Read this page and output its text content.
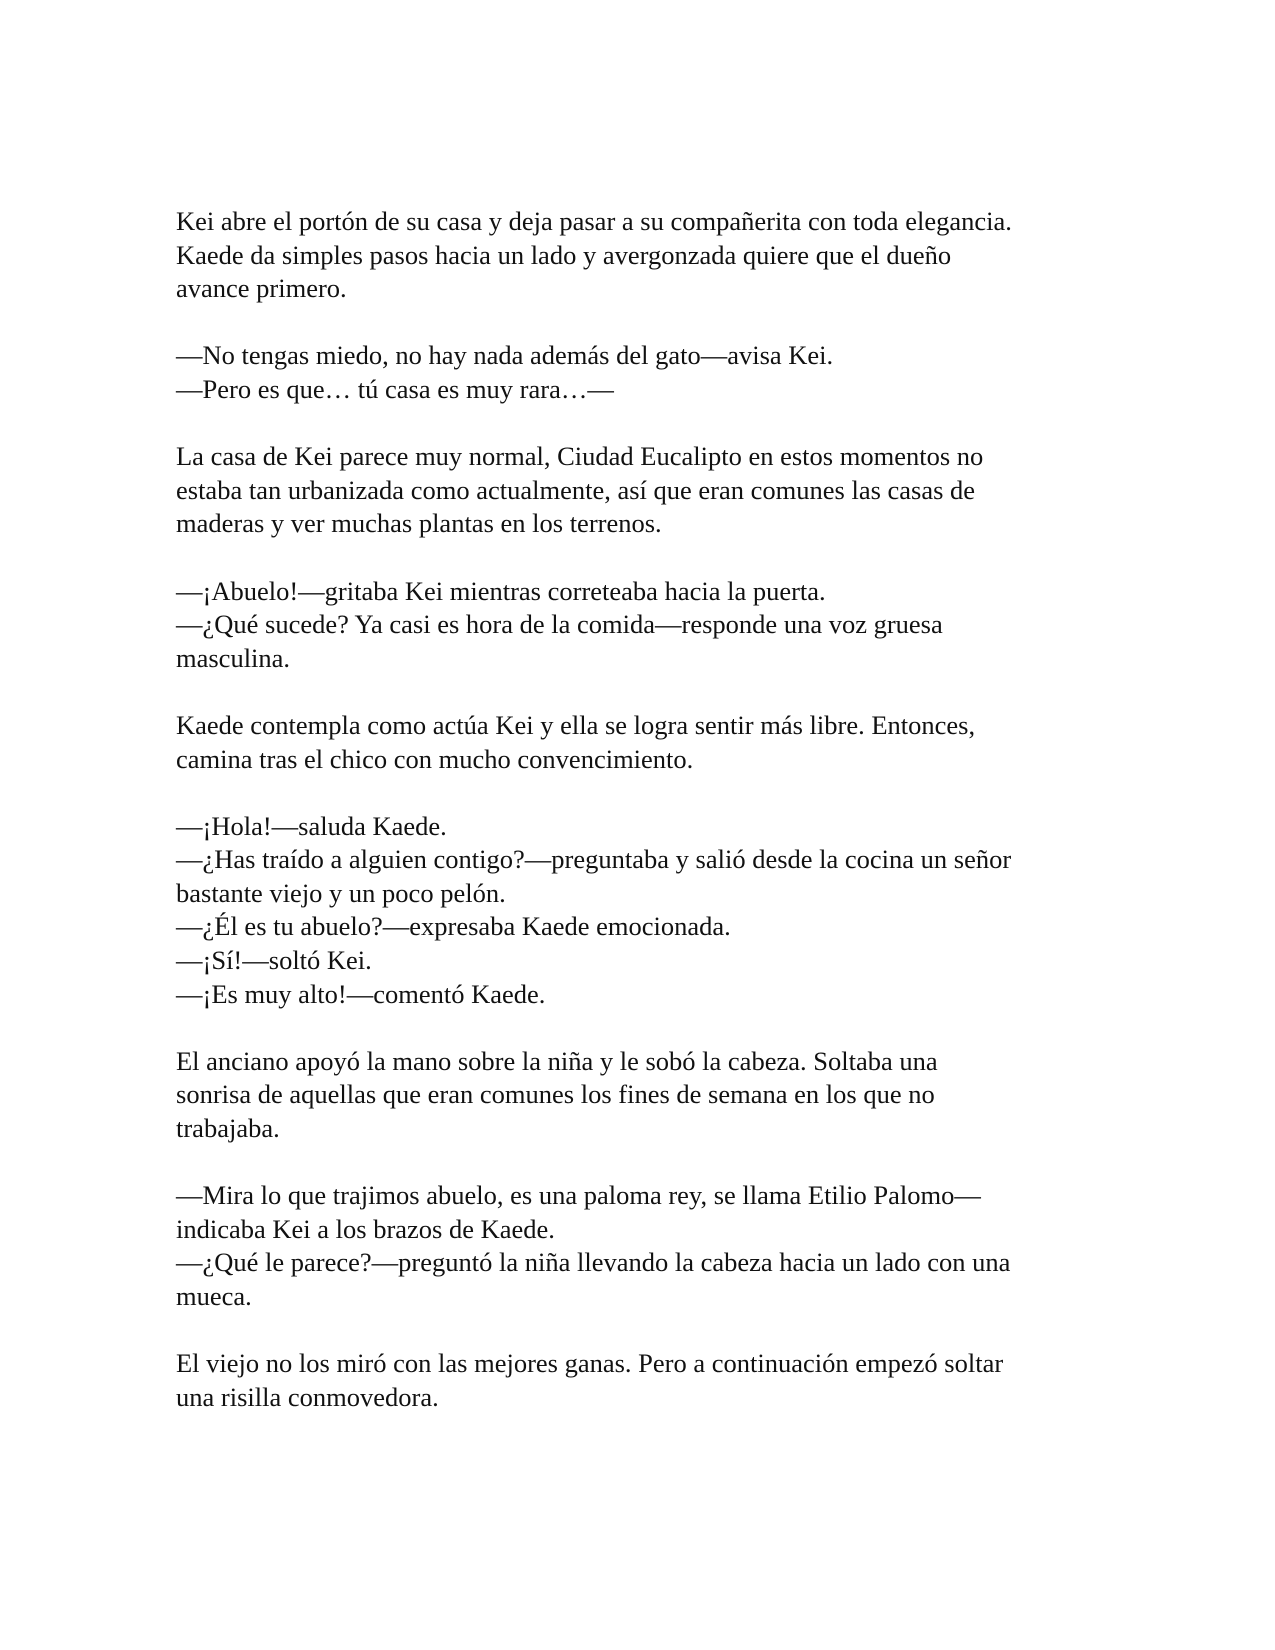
Kei abre el portón de su casa y deja pasar a su compañerita con toda elegancia.
Kaede da simples pasos hacia un lado y avergonzada quiere que el dueño
avance primero.

—No tengas miedo, no hay nada además del gato—avisa Kei.
—Pero es que… tú casa es muy rara…—

La casa de Kei parece muy normal, Ciudad Eucalipto en estos momentos no
estaba tan urbanizada como actualmente, así que eran comunes las casas de
maderas y ver muchas plantas en los terrenos.

—¡Abuelo!—gritaba Kei mientras correteaba hacia la puerta.
—¿Qué sucede? Ya casi es hora de la comida—responde una voz gruesa
masculina.

Kaede contempla como actúa Kei y ella se logra sentir más libre. Entonces,
camina tras el chico con mucho convencimiento.

—¡Hola!—saluda Kaede.
—¿Has traído a alguien contigo?—preguntaba y salió desde la cocina un señor
bastante viejo y un poco pelón.
—¿Él es tu abuelo?—expresaba Kaede emocionada.
—¡Sí!—soltó Kei.
—¡Es muy alto!—comentó Kaede.

El anciano apoyó la mano sobre la niña y le sobó la cabeza. Soltaba una
sonrisa de aquellas que eran comunes los fines de semana en los que no
trabajaba.

—Mira lo que trajimos abuelo, es una paloma rey, se llama Etilio Palomo—
indicaba Kei a los brazos de Kaede.
—¿Qué le parece?—preguntó la niña llevando la cabeza hacia un lado con una
mueca.

El viejo no los miró con las mejores ganas. Pero a continuación empezó soltar
una risilla conmovedora.
